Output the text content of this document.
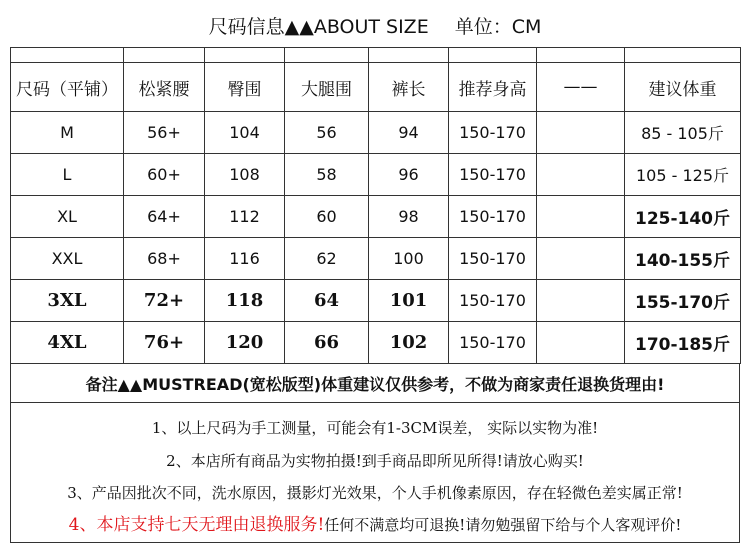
尺码信息▲▲ABOUT SIZE 单位：CM

尺码（平铺）	松紧腰	臀围	大腿围	裤长	推荐身高	——	建议体重
M	56+	104	56	94	150-170		85 - 105斤
L	60+	108	58	96	150-170		105 - 125斤
XL	64+	112	60	98	150-170		125-140斤
XXL	68+	116	62	100	150-170		140-155斤
3XL	72+	118	64	101	150-170		155-170斤
4XL	76+	120	66	102	150-170		170-185斤
备注▲▲MUSTREAD(宽松版型)体重建议仅供参考，不做为商家责任退换货理由!
1、以上尺码为手工测量，可能会有1-3CM误差， 实际以实物为准!
2、本店所有商品为实物拍摄!到手商品即所见所得!请放心购买!
3、产品因批次不同，洗水原因，摄影灯光效果，个人手机像素原因，存在轻微色差实属正常!
4、本店支持七天无理由退换服务!任何不满意均可退换!请勿勉强留下给与个人客观评价!
